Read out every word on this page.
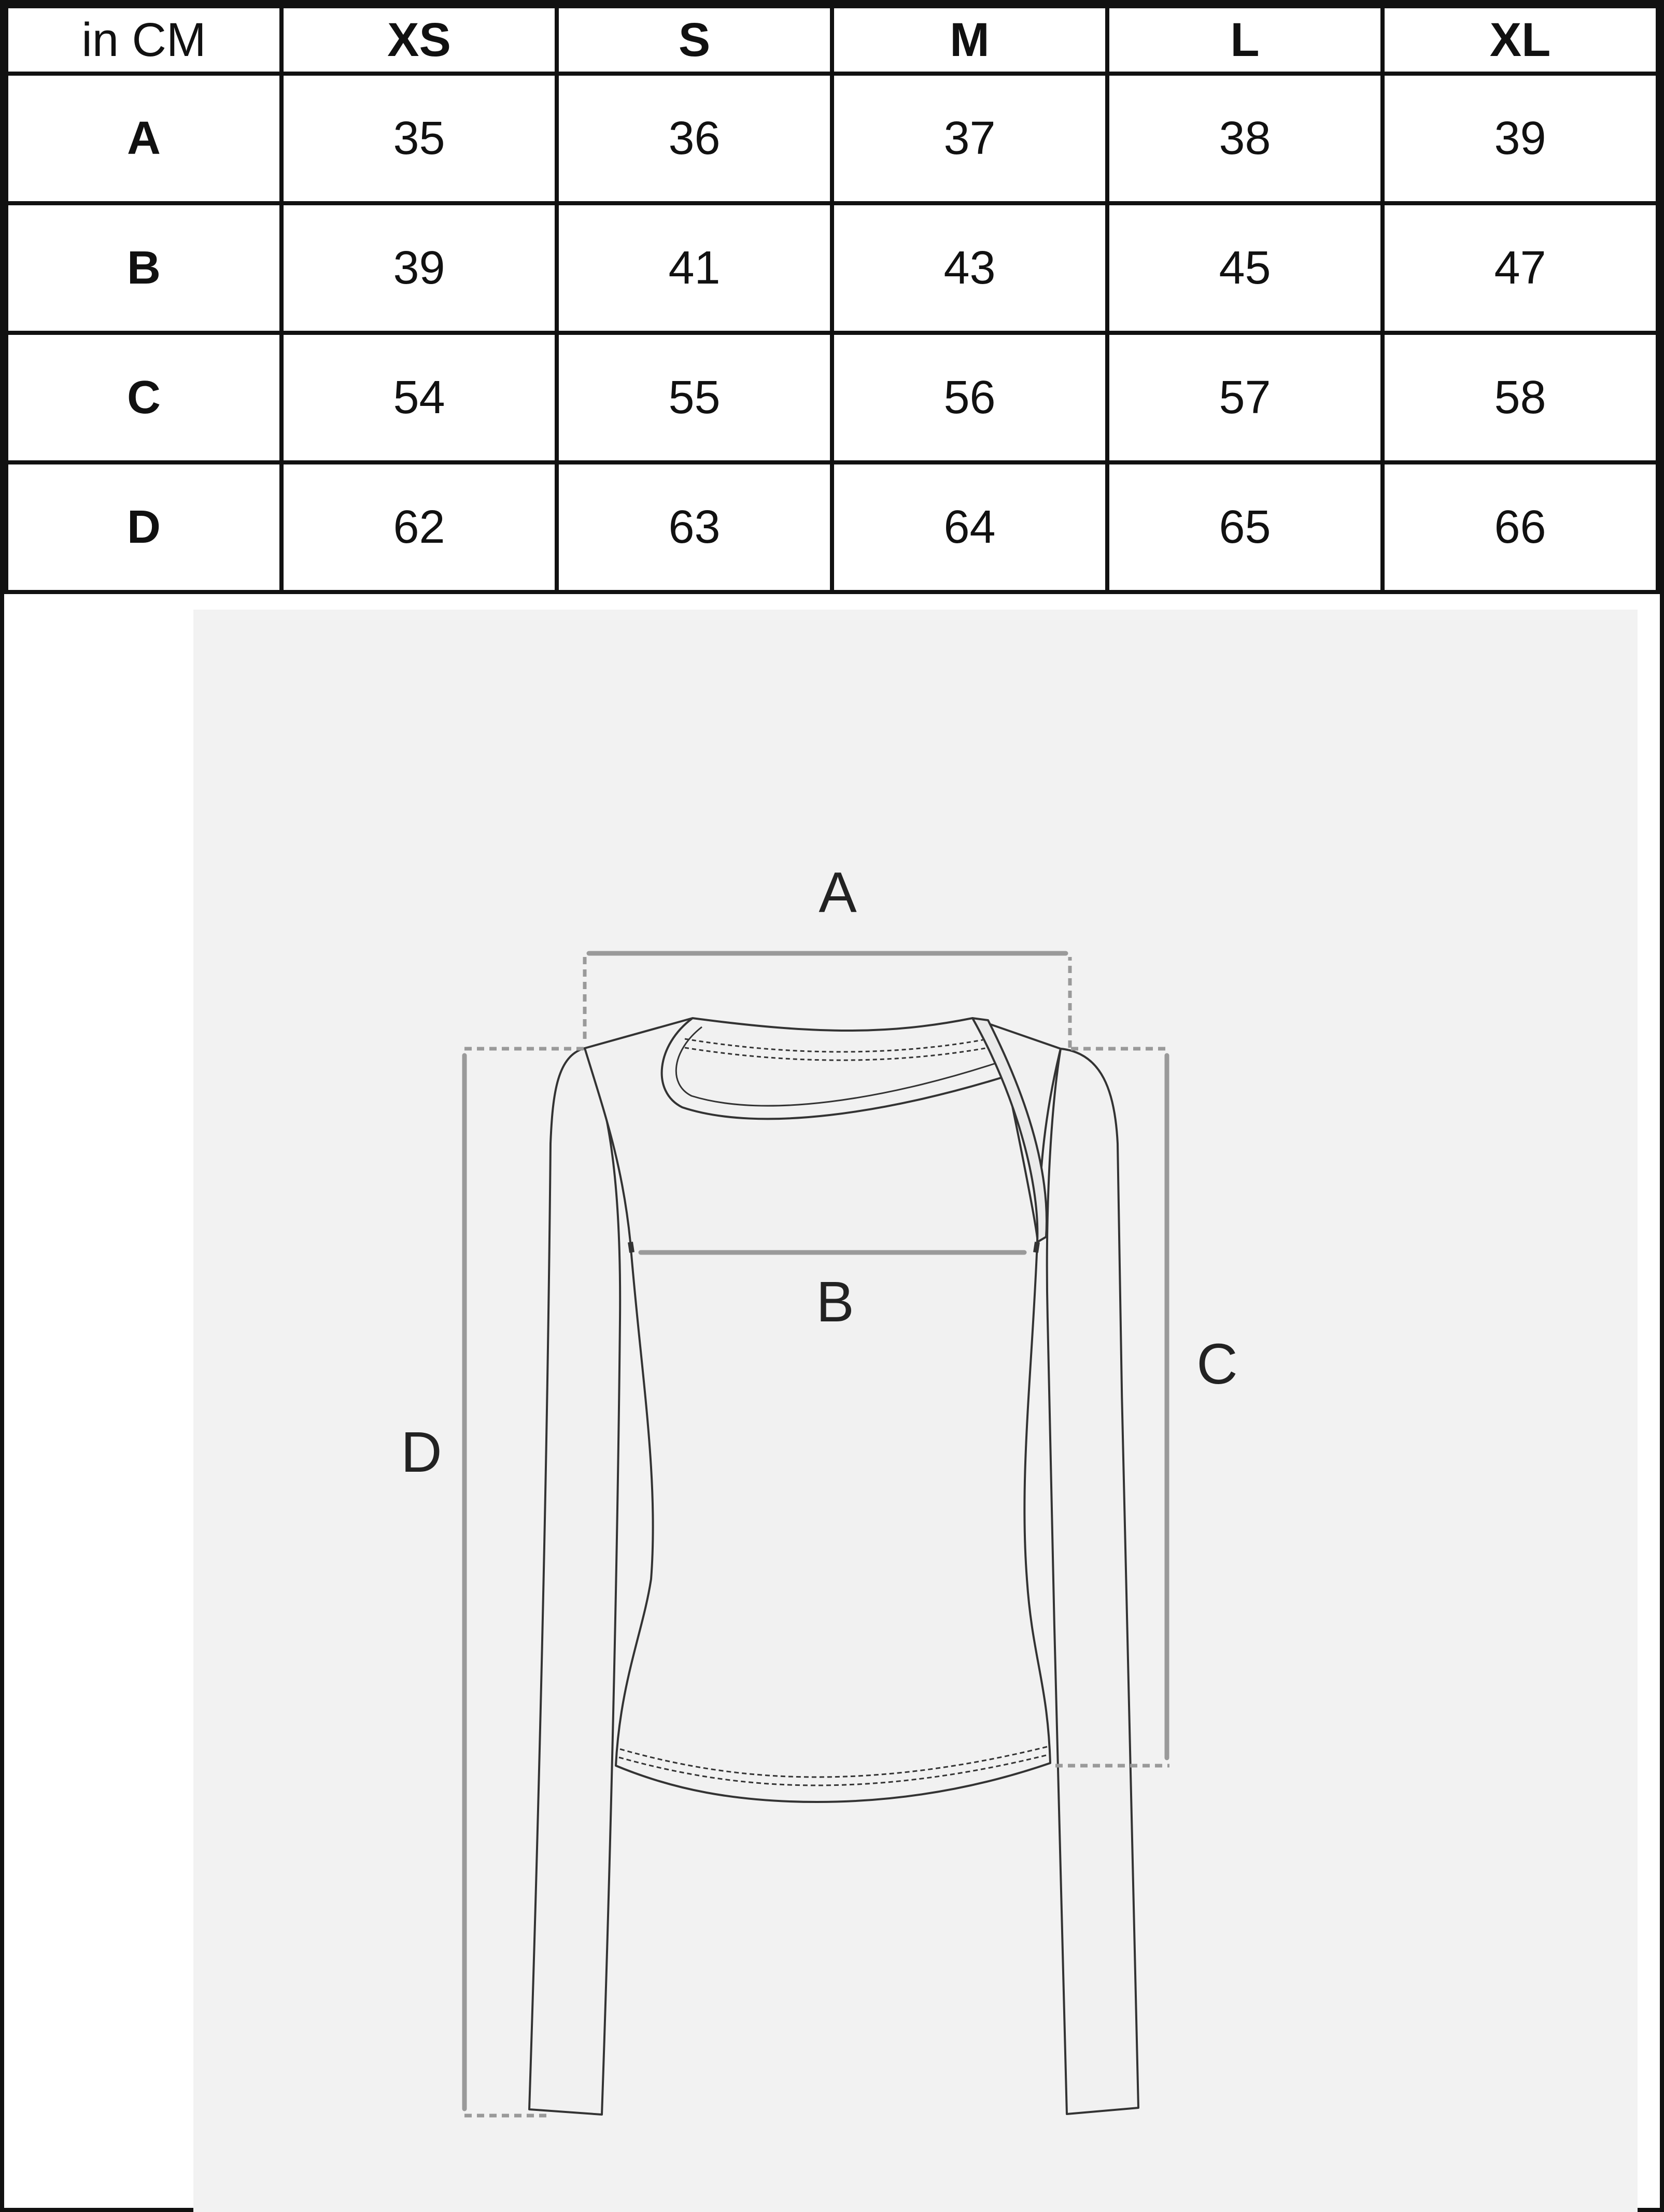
in CM	XS	S	M	L	XL
A	35	36	37	38	39
B	39	41	43	45	47
C	54	55	56	57	58
D	62	63	64	65	66
A
B
C
D
